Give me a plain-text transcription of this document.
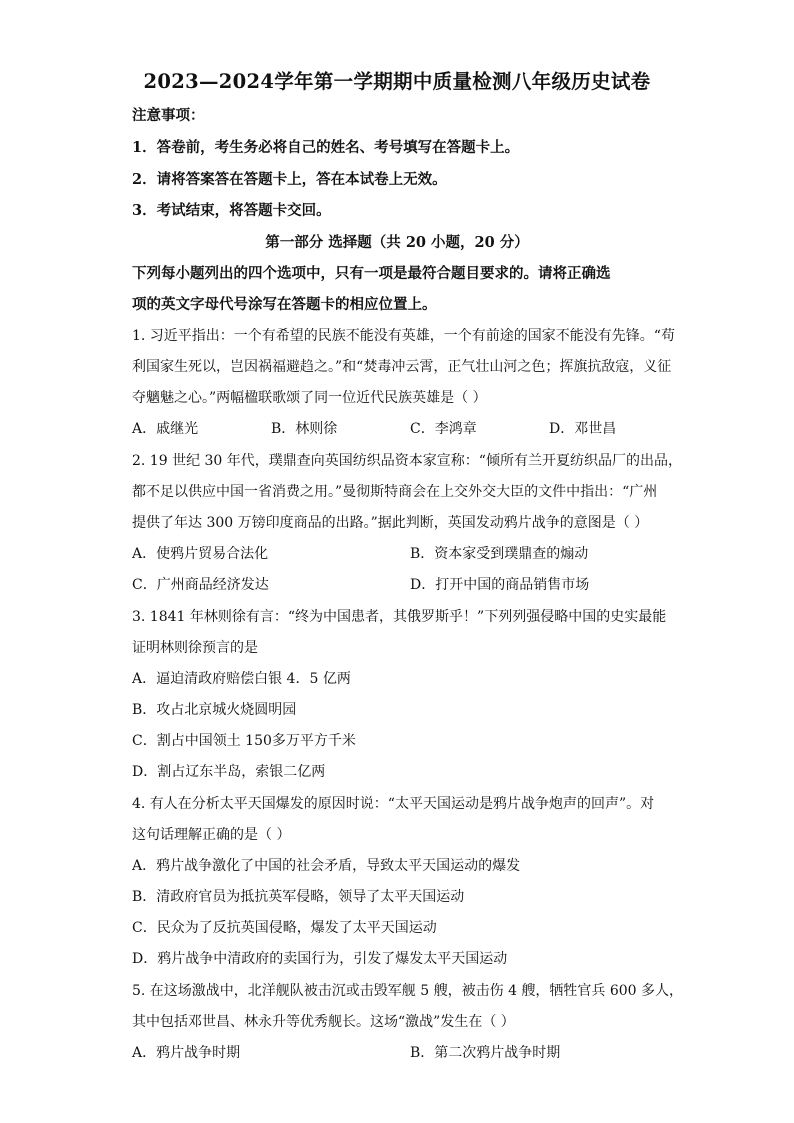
2023—2024学年第一学期期中质量检测八年级历史试卷
注意事项：
1．答卷前，考生务必将自己的姓名、考号填写在答题卡上。
2．请将答案答在答题卡上，答在本试卷上无效。
3．考试结束，将答题卡交回。
第一部分 选择题（共 20 小题，20 分）
下列每小题列出的四个选项中，只有一项是最符合题目要求的。请将正确选
项的英文字母代号涂写在答题卡的相应位置上。
1. 习近平指出：一个有希望的民族不能没有英雄，一个有前途的国家不能没有先锋。“苟
利国家生死以，岂因祸福避趋之。”和“焚毒冲云霄，正气壮山河之色；挥旗抗敌寇，义征
夺魑魅之心。”两幅楹联歌颂了同一位近代民族英雄是（ ）
A．戚继光	B．林则徐	C．李鸿章	D．邓世昌
2. 19 世纪 30 年代，璞鼎查向英国纺织品资本家宣称：“倾所有兰开夏纺织品厂的出品，
都不足以供应中国一省消费之用。”曼彻斯特商会在上交外交大臣的文件中指出：“广州
提供了年达 300 万镑印度商品的出路。”据此判断，英国发动鸦片战争的意图是（ ）
A．使鸦片贸易合法化	B．资本家受到璞鼎查的煽动
C．广州商品经济发达	D．打开中国的商品销售市场
3. 1841 年林则徐有言：“终为中国患者，其俄罗斯乎！”下列列强侵略中国的史实最能
证明林则徐预言的是
A．逼迫清政府赔偿白银 4．5 亿两
B．攻占北京城火烧圆明园
C．割占中国领土 150多万平方千米
D．割占辽东半岛，索银二亿两
4. 有人在分析太平天国爆发的原因时说：“太平天国运动是鸦片战争炮声的回声”。对
这句话理解正确的是（ ）
A．鸦片战争激化了中国的社会矛盾，导致太平天国运动的爆发
B．清政府官员为抵抗英军侵略，领导了太平天国运动
C．民众为了反抗英国侵略，爆发了太平天国运动
D．鸦片战争中清政府的卖国行为，引发了爆发太平天国运动
5. 在这场激战中，北洋舰队被击沉或击毁军舰 5 艘，被击伤 4 艘，牺牲官兵 600 多人，
其中包括邓世昌、林永升等优秀舰长。这场“激战”发生在（ ）
A．鸦片战争时期	B．第二次鸦片战争时期
